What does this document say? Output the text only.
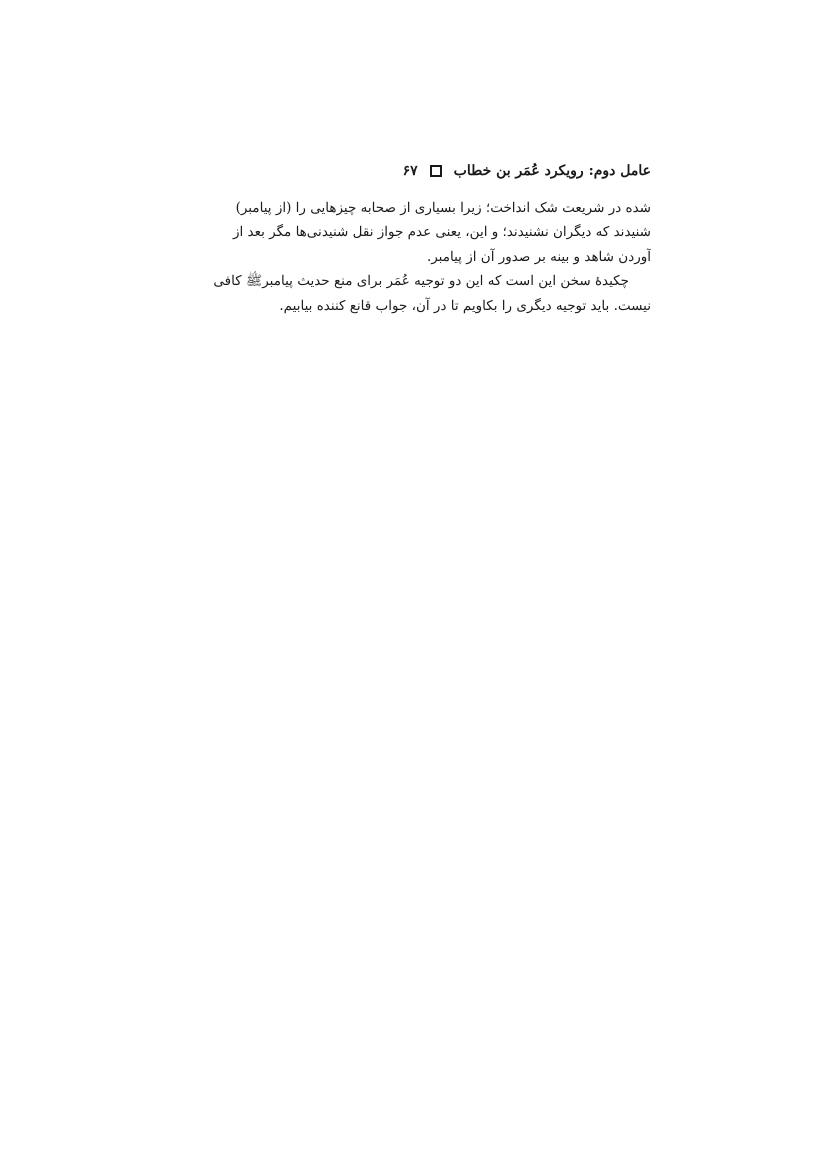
عامل دوم: رویکرد عُمَر بن خطاب
۶۷
شده در شریعت شک انداخت؛ زیرا بسیاری از صحابه چیزهایی را (از پیامبر)
شنیدند که دیگران نشنیدند؛ و این، یعنی عدم جواز نقل شنیدنی‌ها مگر بعد از
آوردن شاهد و بینه بر صدور آن از پیامبر.
چکیدهٔ سخن این است که این دو توجیه عُمَر برای منع حدیث پیامبرﷺ کافی
نیست. باید توجیه دیگری را بکاویم تا در آن، جواب قانع کننده بیابیم.
